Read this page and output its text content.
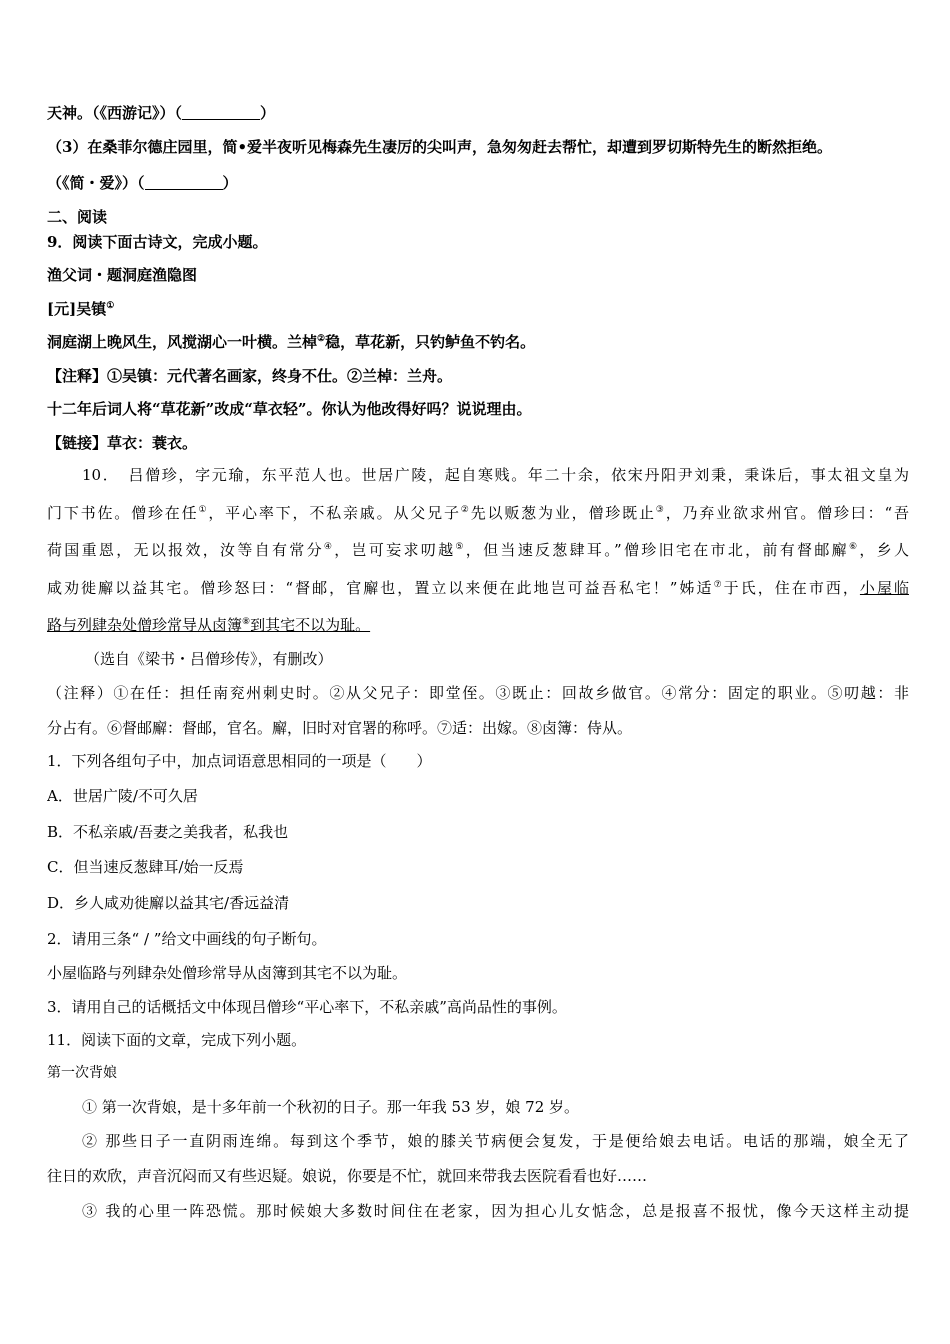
天神。（《西游记》）（	）
（3）在桑菲尔德庄园里，简•爱半夜听见梅森先生凄厉的尖叫声，急匆匆赶去帮忙，却遭到罗切斯特先生的断然拒绝。
（《简・爱》）（	）
二、阅读
9．阅读下面古诗文，完成小题。
渔父词・题洞庭渔隐图
[元]吴镇①
洞庭湖上晚风生，风搅湖心一叶横。兰棹②稳，草花新，只钓鲈鱼不钓名。
【注释】①吴镇：元代著名画家，终身不仕。②兰棹：兰舟。
十二年后词人将“草花新”改成“草衣轻”。你认为他改得好吗？说说理由。
【链接】草衣：蓑衣。
10．　吕僧珍，字元瑜，东平范人也。世居广陵，起自寒贱。年二十余，依宋丹阳尹刘秉，秉诛后，事太祖文皇为
门下书佐。僧珍在任①，平心率下，不私亲戚。从父兄子②先以贩葱为业，僧珍既止③，乃弃业欲求州官。僧珍曰：“吾
荷国重恩，无以报效，汝等自有常分④，岂可妄求叨越⑤，但当速反葱肆耳。”僧珍旧宅在市北，前有督邮廨⑥，乡人
咸劝徙廨以益其宅。僧珍怒曰：“督邮，官廨也，置立以来便在此地岂可益吾私宅！”姊适⑦于氏，住在市西，小屋临
路与列肆杂处僧珍常导从卤簿⑧到其宅不以为耻。
（选自《梁书・吕僧珍传》，有删改）
（注释）①在任：担任南兖州刺史时。②从父兄子：即堂侄。③既止：回故乡做官。④常分：固定的职业。⑤叨越：非
分占有。⑥督邮廨：督邮，官名。廨，旧时对官署的称呼。⑦适：出嫁。⑧卤簿：侍从。
1．下列各组句子中，加点词语意思相同的一项是（　　）
A．世居广陵/不可久居
B．不私亲戚/吾妻之美我者，私我也
C．但当速反葱肆耳/始一反焉
D．乡人咸劝徙廨以益其宅/香远益清
2．请用三条“ / ”给文中画线的句子断句。
小屋临路与列肆杂处僧珍常导从卤簿到其宅不以为耻。
3．请用自己的话概括文中体现吕僧珍“平心率下，不私亲戚”高尚品性的事例。
11．阅读下面的文章，完成下列小题。
第一次背娘
① 第一次背娘，是十多年前一个秋初的日子。那一年我 53 岁，娘 72 岁。
② 那些日子一直阴雨连绵。每到这个季节，娘的膝关节病便会复发，于是便给娘去电话。电话的那端，娘全无了
往日的欢欣，声音沉闷而又有些迟疑。娘说，你要是不忙，就回来带我去医院看看也好……
③ 我的心里一阵恐慌。那时候娘大多数时间住在老家，因为担心儿女惦念，总是报喜不报忧，像今天这样主动提
